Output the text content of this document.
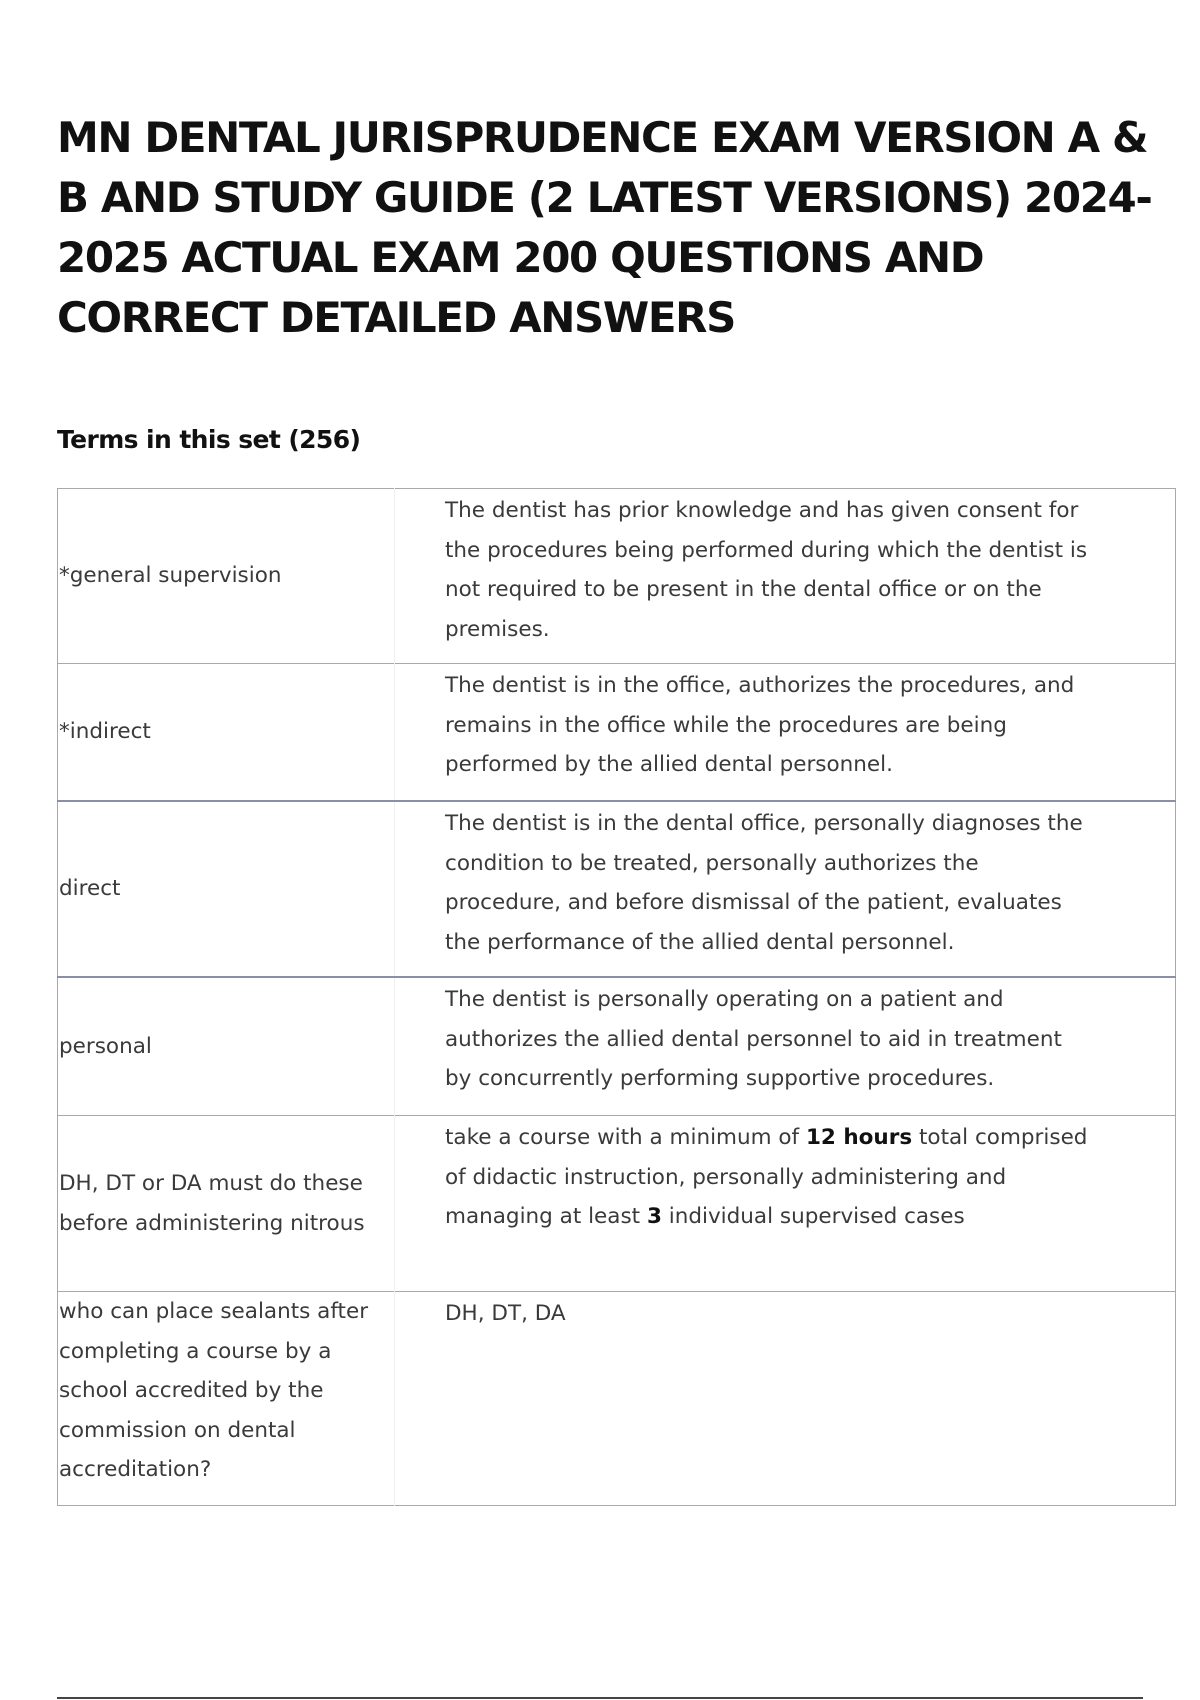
MN DENTAL JURISPRUDENCE EXAM VERSION A & B AND STUDY GUIDE (2 LATEST VERSIONS) 2024-2025 ACTUAL EXAM 200 QUESTIONS AND CORRECT DETAILED ANSWERS
Terms in this set (256)
*general supervision	The dentist has prior knowledge and has given consent for the procedures being performed during which the dentist is not required to be present in the dental office or on the premises.

*indirect	The dentist is in the office, authorizes the procedures, and remains in the office while the procedures are being performed by the allied dental personnel.

direct	The dentist is in the dental office, personally diagnoses the condition to be treated, personally authorizes the procedure, and before dismissal of the patient, evaluates the performance of the allied dental personnel.

personal	The dentist is personally operating on a patient and authorizes the allied dental personnel to aid in treatment by concurrently performing supportive procedures.

DH, DT or DA must do these before administering nitrous	take a course with a minimum of 12 hours total comprised of didactic instruction, personally administering and managing at least 3 individual supervised cases

who can place sealants after completing a course by a school accredited by the commission on dental accreditation?	DH, DT, DA
